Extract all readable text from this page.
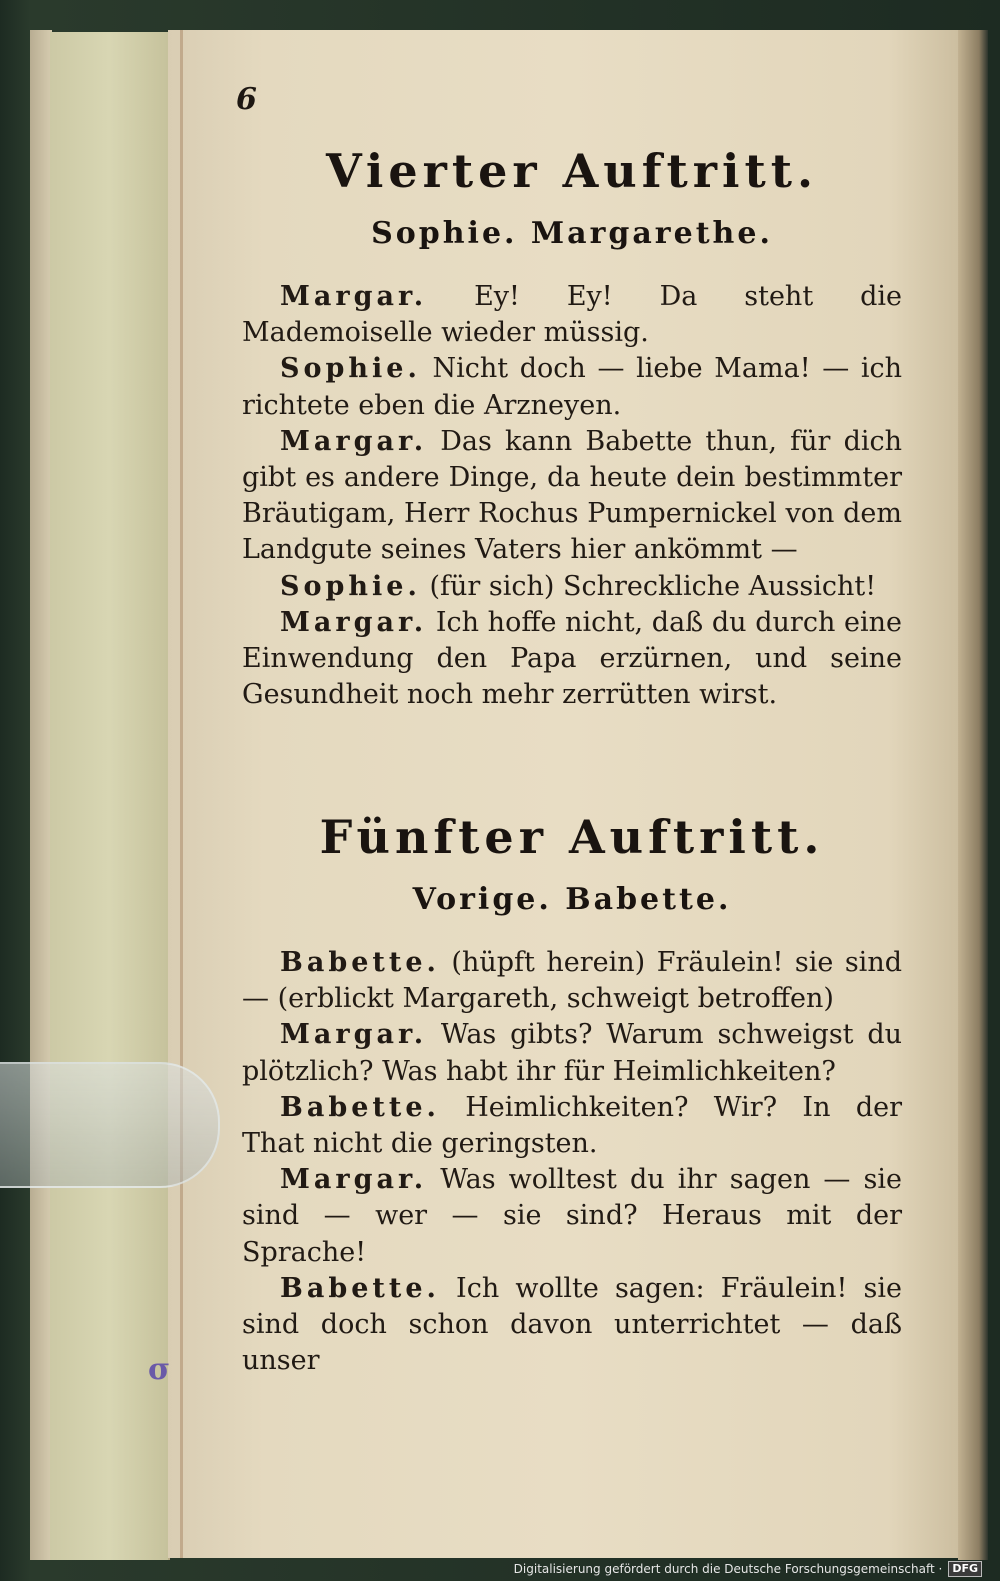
6
Vierter Auftritt.
Sophie. Margarethe.

Margar. Ey! Ey! Da steht die Mademoiselle wieder müssig.

Sophie. Nicht doch — liebe Mama! — ich richtete eben die Arzneyen.

Margar. Das kann Babette thun, für dich gibt es andere Dinge, da heute dein bestimmter Bräutigam, Herr Rochus Pumpernickel von dem Landgute seines Vaters hier ankömmt —

Sophie. (für sich) Schreckliche Aussicht!

Margar. Ich hoffe nicht, daß du durch eine Einwendung den Papa erzürnen, und seine Gesundheit noch mehr zerrütten wirst.

Fünfter Auftritt.
Vorige. Babette.

Babette. (hüpft herein) Fräulein! sie sind — (erblickt Margareth, schweigt betroffen)

Margar. Was gibts? Warum schweigst du plötzlich? Was habt ihr für Heimlichkeiten?

Babette. Heimlichkeiten? Wir? In der That nicht die geringsten.

Margar. Was wolltest du ihr sagen — sie sind — wer — sie sind? Heraus mit der Sprache!

Babette. Ich wollte sagen: Fräulein! sie sind doch schon davon unterrichtet — daß unser

σ
Digitalisierung gefördert durch die Deutsche Forschungsgemeinschaft · DFG
